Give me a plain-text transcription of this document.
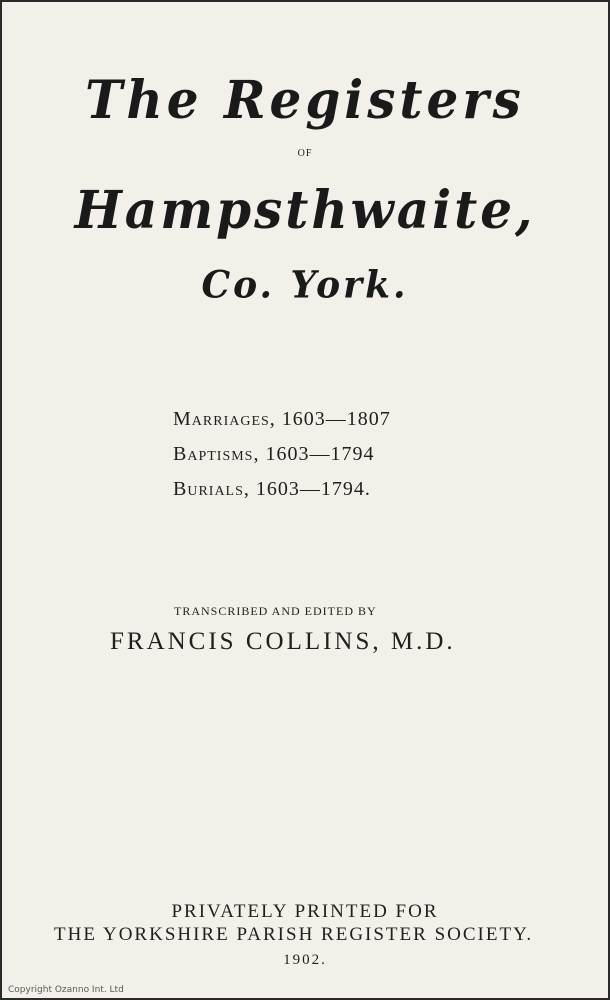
The Registers
OF
Hampsthwaite,
Co. York.
Marriages, 1603—1807
Baptisms, 1603—1794
Burials, 1603—1794.
TRANSCRIBED AND EDITED BY
FRANCIS COLLINS, M.D.
PRIVATELY PRINTED FOR
THE YORKSHIRE PARISH REGISTER SOCIETY.
1902.
Copyright Ozanno Int. Ltd
